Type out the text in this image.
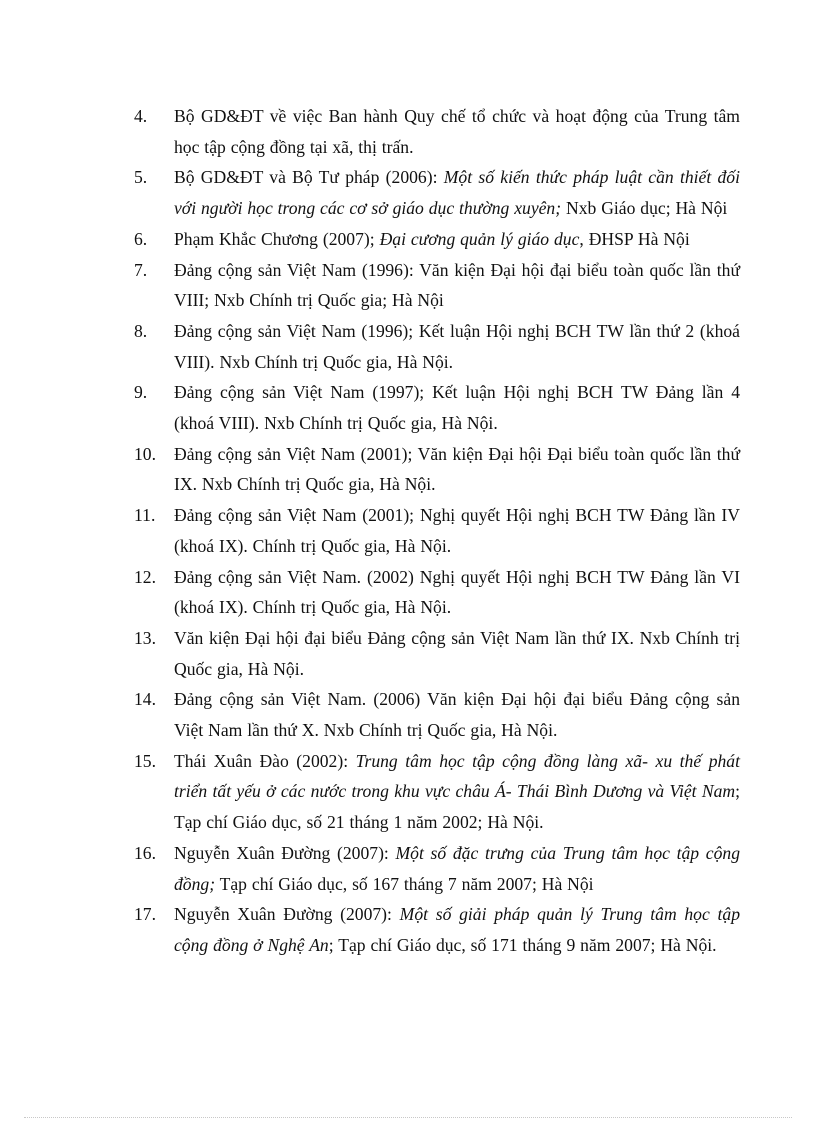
4. Bộ GD&ĐT về việc Ban hành Quy chế tổ chức và hoạt động của Trung tâm học tập cộng đồng tại xã, thị trấn.
5. Bộ GD&ĐT và Bộ Tư pháp (2006): Một số kiến thức pháp luật cần thiết đối với người học trong các cơ sở giáo dục thường xuyên; Nxb Giáo dục; Hà Nội
6. Phạm Khắc Chương (2007); Đại cương quản lý giáo dục, ĐHSP Hà Nội
7. Đảng cộng sản Việt Nam (1996): Văn kiện Đại hội đại biểu toàn quốc lần thứ VIII; Nxb Chính trị Quốc gia; Hà Nội
8. Đảng cộng sản Việt Nam (1996); Kết luận Hội nghị BCH TW lần thứ 2 (khoá VIII). Nxb Chính trị Quốc gia, Hà Nội.
9. Đảng cộng sản Việt Nam (1997); Kết luận Hội nghị BCH TW Đảng lần 4 (khoá VIII). Nxb Chính trị Quốc gia, Hà Nội.
10. Đảng cộng sản Việt Nam (2001); Văn kiện Đại hội Đại biểu toàn quốc lần thứ IX. Nxb Chính trị Quốc gia, Hà Nội.
11. Đảng cộng sản Việt Nam (2001); Nghị quyết Hội nghị BCH TW Đảng lần IV (khoá IX). Chính trị Quốc gia, Hà Nội.
12. Đảng cộng sản Việt Nam. (2002) Nghị quyết Hội nghị BCH TW Đảng lần VI (khoá IX). Chính trị Quốc gia, Hà Nội.
13. Văn kiện Đại hội đại biểu Đảng cộng sản Việt Nam lần thứ IX. Nxb Chính trị Quốc gia, Hà Nội.
14. Đảng cộng sản Việt Nam. (2006) Văn kiện Đại hội đại biểu Đảng cộng sản Việt Nam lần thứ X. Nxb Chính trị Quốc gia, Hà Nội.
15. Thái Xuân Đào (2002): Trung tâm học tập cộng đồng làng xã- xu thế phát triển tất yếu ở các nước trong khu vực châu Á- Thái Bình Dương và Việt Nam; Tạp chí Giáo dục, số 21 tháng 1 năm 2002; Hà Nội.
16. Nguyễn Xuân Đường (2007): Một số đặc trưng của Trung tâm học tập cộng đồng; Tạp chí Giáo dục, số 167 tháng 7 năm 2007; Hà Nội
17. Nguyễn Xuân Đường (2007): Một số giải pháp quản lý Trung tâm học tập cộng đồng ở Nghệ An; Tạp chí Giáo dục, số 171 tháng 9 năm 2007; Hà Nội.
